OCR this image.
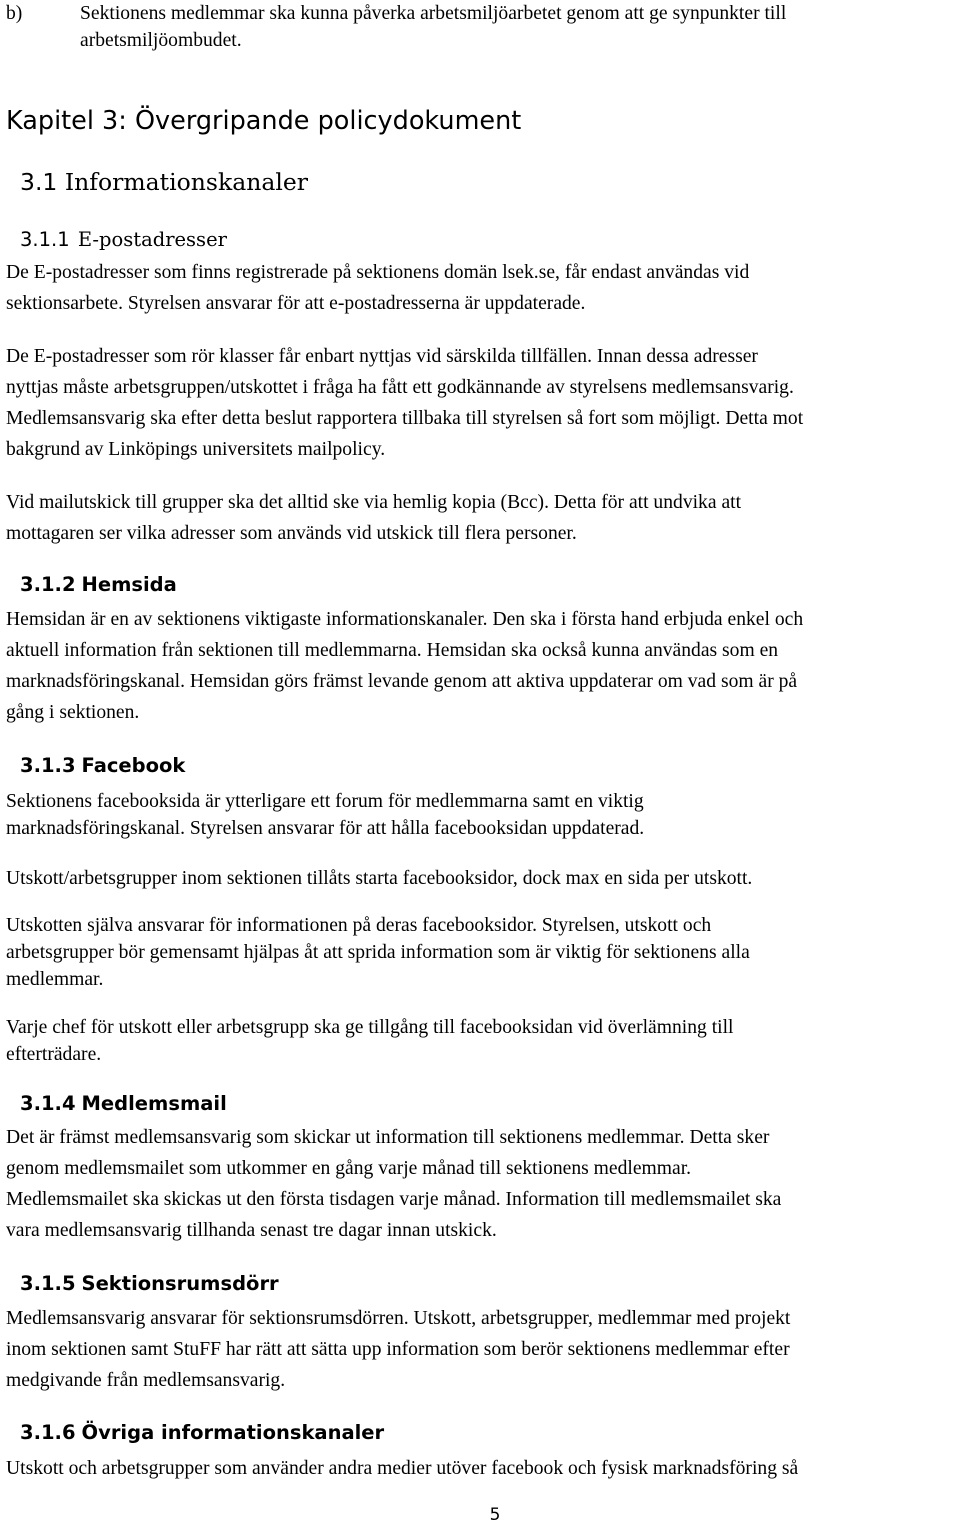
b)	Sektionens medlemmar ska kunna påverka arbetsmiljöarbetet genom att ge synpunkter till
arbetsmiljöombudet.
Kapitel 3: Övergripande policydokument
3.1 Informationskanaler
3.1.1 E-postadresser
De E-postadresser som finns registrerade på sektionens domän lsek.se, får endast användas vid
sektionsarbete. Styrelsen ansvarar för att e-postadresserna är uppdaterade.
De E-postadresser som rör klasser får enbart nyttjas vid särskilda tillfällen. Innan dessa adresser
nyttjas måste arbetsgruppen/utskottet i fråga ha fått ett godkännande av styrelsens medlemsansvarig.
Medlemsansvarig ska efter detta beslut rapportera tillbaka till styrelsen så fort som möjligt. Detta mot
bakgrund av Linköpings universitets mailpolicy.
Vid mailutskick till grupper ska det alltid ske via hemlig kopia (Bcc). Detta för att undvika att
mottagaren ser vilka adresser som används vid utskick till flera personer.
3.1.2 Hemsida
Hemsidan är en av sektionens viktigaste informationskanaler. Den ska i första hand erbjuda enkel och
aktuell information från sektionen till medlemmarna. Hemsidan ska också kunna användas som en
marknadsföringskanal. Hemsidan görs främst levande genom att aktiva uppdaterar om vad som är på
gång i sektionen.
3.1.3 Facebook
Sektionens facebooksida är ytterligare ett forum för medlemmarna samt en viktig
marknadsföringskanal. Styrelsen ansvarar för att hålla facebooksidan uppdaterad.
Utskott/arbetsgrupper inom sektionen tillåts starta facebooksidor, dock max en sida per utskott.
Utskotten själva ansvarar för informationen på deras facebooksidor. Styrelsen, utskott och
arbetsgrupper bör gemensamt hjälpas åt att sprida information som är viktig för sektionens alla
medlemmar.
Varje chef för utskott eller arbetsgrupp ska ge tillgång till facebooksidan vid överlämning till
efterträdare.
3.1.4 Medlemsmail
Det är främst medlemsansvarig som skickar ut information till sektionens medlemmar. Detta sker
genom medlemsmailet som utkommer en gång varje månad till sektionens medlemmar.
Medlemsmailet ska skickas ut den första tisdagen varje månad. Information till medlemsmailet ska
vara medlemsansvarig tillhanda senast tre dagar innan utskick.
3.1.5 Sektionsrumsdörr
Medlemsansvarig ansvarar för sektionsrumsdörren. Utskott, arbetsgrupper, medlemmar med projekt
inom sektionen samt StuFF har rätt att sätta upp information som berör sektionens medlemmar efter
medgivande från medlemsansvarig.
3.1.6 Övriga informationskanaler
Utskott och arbetsgrupper som använder andra medier utöver facebook och fysisk marknadsföring så
5
